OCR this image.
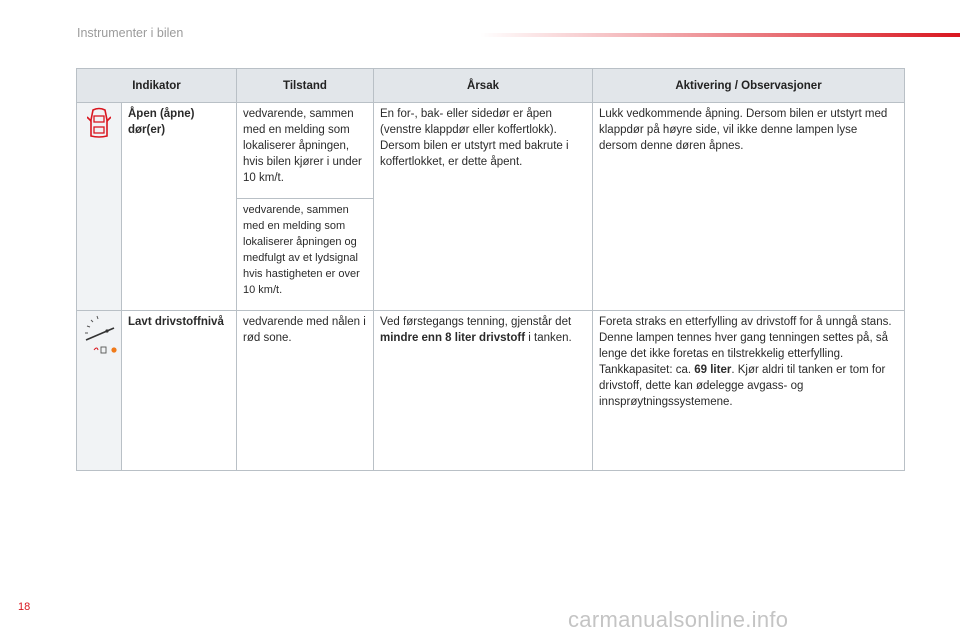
Instrumenter i bilen
Indikator		Tilstand	Årsak	Aktivering / Observasjoner
	Åpen (åpne) dør(er)	vedvarende, sammen med en melding som lokaliserer åpningen, hvis bilen kjører i under 10 km/t.	En for-, bak- eller sidedør er åpen (venstre klappdør eller koffertlokk). Dersom bilen er utstyrt med bakrute i koffertlokket, er dette åpent.	Lukk vedkommende åpning. Dersom bilen er utstyrt med klappdør på høyre side, vil ikke denne lampen lyse dersom denne døren åpnes.
		vedvarende, sammen med en melding som lokaliserer åpningen og medfulgt av et lydsignal hvis hastigheten er over 10 km/t.		
	Lavt drivstoffnivå	vedvarende med nålen i rød sone.	Ved førstegangs tenning, gjenstår det mindre enn 8 liter drivstoff i tanken.	Foreta straks en etterfylling av drivstoff for å unngå stans. Denne lampen tennes hver gang tenningen settes på, så lenge det ikke foretas en tilstrekkelig etterfylling. Tankkapasitet: ca. 69 liter. Kjør aldri til tanken er tom for drivstoff, dette kan ødelegge avgass- og innsprøytningssystemene.
18	carmanualsonline.info
